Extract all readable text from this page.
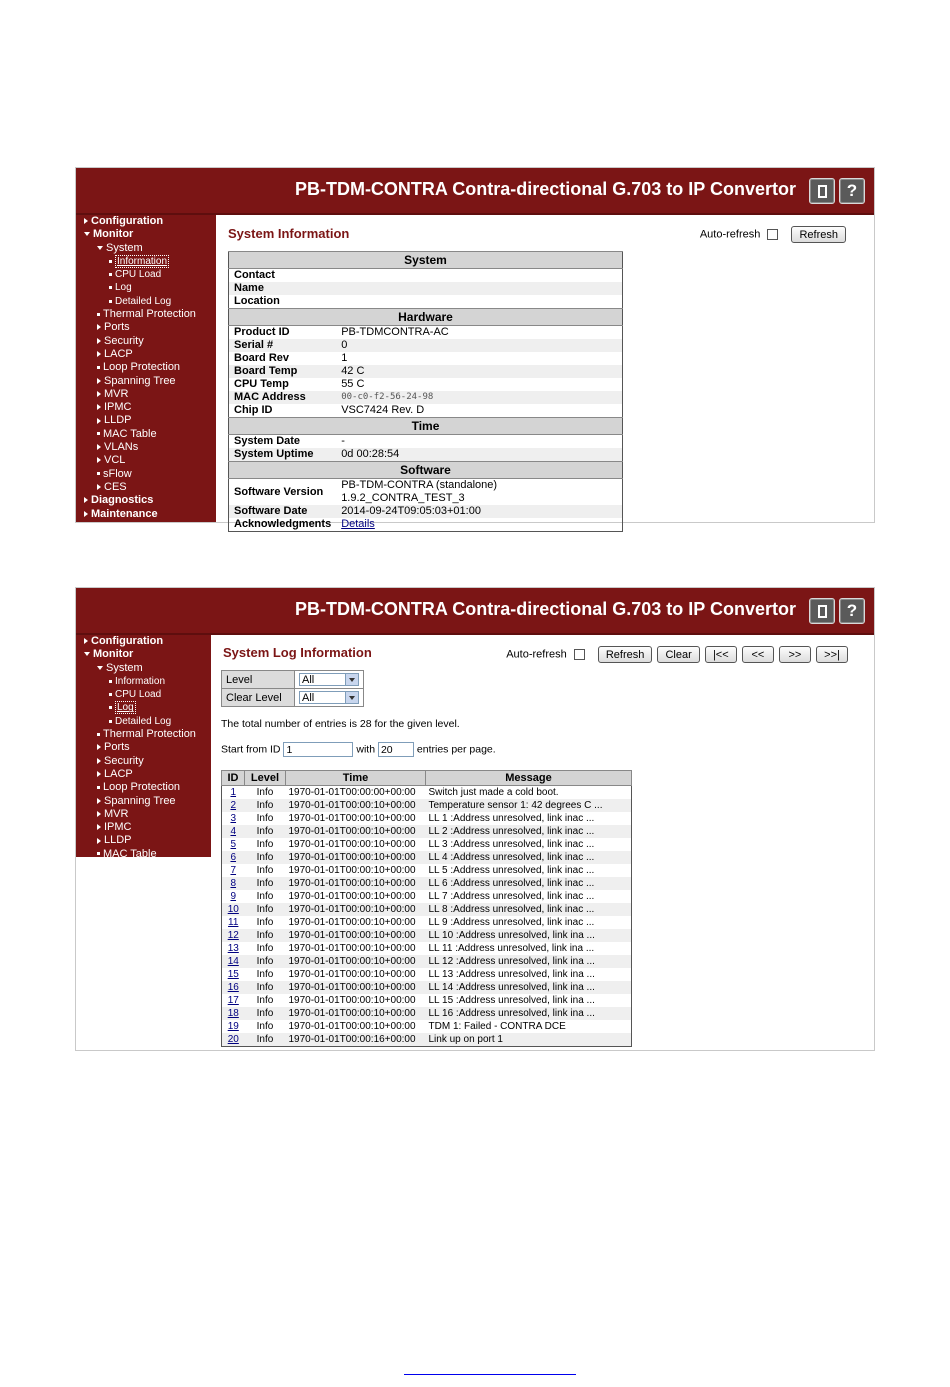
PB-TDM-CONTRA Contra-directional G.703 to IP Convertor	?
Configuration
Monitor
System
Information
CPU Load
Log
Detailed Log
Thermal Protection
Ports
Security
LACP
Loop Protection
Spanning Tree
MVR
IPMC
LLDP
MAC Table
VLANs
VCL
sFlow
CES
Diagnostics
Maintenance
System Information	Auto-refresh	Refresh
System	
Contact	
Name	
Location	
Hardware	
Product ID	PB-TDMCONTRA-AC
Serial #	0
Board Rev	1
Board Temp	42 C
CPU Temp	55 C
MAC Address	00-c0-f2-56-24-98
Chip ID	VSC7424 Rev. D
Time	
System Date	-
System Uptime	0d 00:28:54
Software	
Software Version	PB-TDM-CONTRA (standalone) 1.9.2_CONTRA_TEST_3
Software Date	2014-09-24T09:05:03+01:00
Acknowledgments	Details
PB-TDM-CONTRA Contra-directional G.703 to IP Convertor	?
Configuration
Monitor
System
Information
CPU Load
Log
Detailed Log
Thermal Protection
Ports
Security
LACP
Loop Protection
Spanning Tree
MVR
IPMC
LLDP
MAC Table
VLANs
VCL
sFlow
CES
Diagnostics
Maintenance
System Log Information	Auto-refresh	Refresh Clear |<< << >> >>|
Level	All

Clear Level	All
The total number of entries is 28 for the given level.
Start from ID 1	with 20 entries per page.
ID	Level	Time	Message
1	Info	1970-01-01T00:00:00+00:00	Switch just made a cold boot.
2	Info	1970-01-01T00:00:10+00:00	Temperature sensor 1: 42 degrees C ...
3	Info	1970-01-01T00:00:10+00:00	LL 1 :Address unresolved, link inac ...
4	Info	1970-01-01T00:00:10+00:00	LL 2 :Address unresolved, link inac ...
5	Info	1970-01-01T00:00:10+00:00	LL 3 :Address unresolved, link inac ...
6	Info	1970-01-01T00:00:10+00:00	LL 4 :Address unresolved, link inac ...
7	Info	1970-01-01T00:00:10+00:00	LL 5 :Address unresolved, link inac ...
8	Info	1970-01-01T00:00:10+00:00	LL 6 :Address unresolved, link inac ...
9	Info	1970-01-01T00:00:10+00:00	LL 7 :Address unresolved, link inac ...
10	Info	1970-01-01T00:00:10+00:00	LL 8 :Address unresolved, link inac ...
11	Info	1970-01-01T00:00:10+00:00	LL 9 :Address unresolved, link inac ...
12	Info	1970-01-01T00:00:10+00:00	LL 10 :Address unresolved, link ina ...
13	Info	1970-01-01T00:00:10+00:00	LL 11 :Address unresolved, link ina ...
14	Info	1970-01-01T00:00:10+00:00	LL 12 :Address unresolved, link ina ...
15	Info	1970-01-01T00:00:10+00:00	LL 13 :Address unresolved, link ina ...
16	Info	1970-01-01T00:00:10+00:00	LL 14 :Address unresolved, link ina ...
17	Info	1970-01-01T00:00:10+00:00	LL 15 :Address unresolved, link ina ...
18	Info	1970-01-01T00:00:10+00:00	LL 16 :Address unresolved, link ina ...
19	Info	1970-01-01T00:00:10+00:00	TDM 1: Failed - CONTRA DCE
20	Info	1970-01-01T00:00:16+00:00	Link up on port 1
